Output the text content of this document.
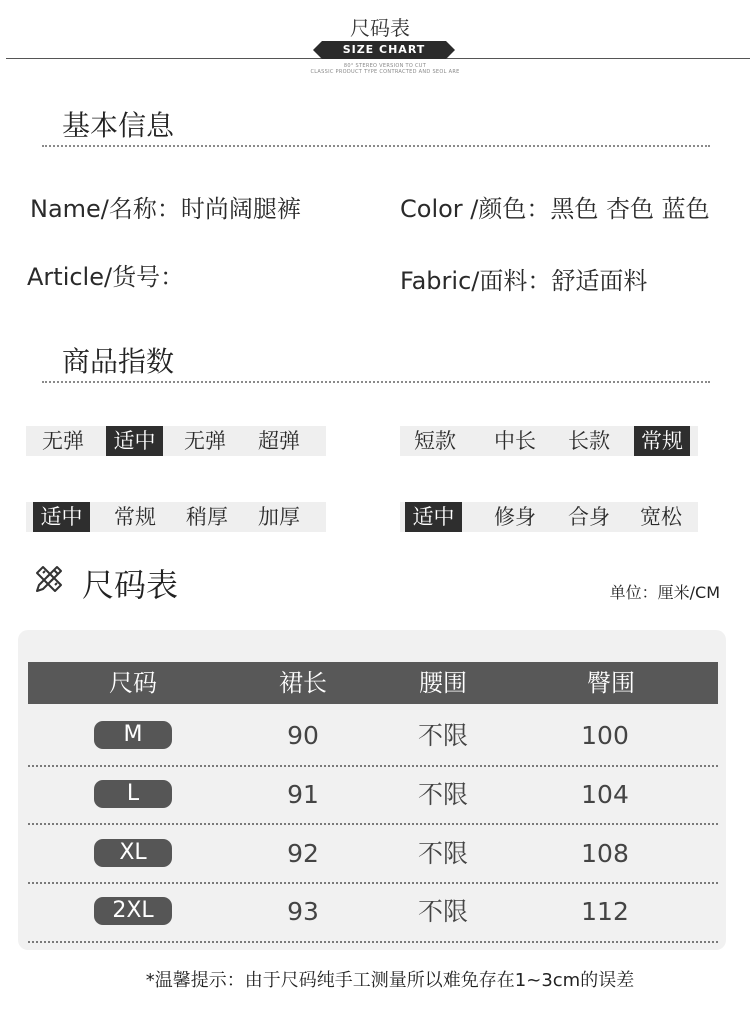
尺码表
SIZE CHART
80° STEREO VERSION TO CUT
CLASSIC PRODUCT TYPE CONTRACTED AND SEOL ARE
基本信息
Name/名称：时尚阔腿裤	Color /颜色：黑色 杏色 蓝色
Article/货号：	Fabric/面料：舒适面料
商品指数
无弹	适中	无弹	超弹	短款	中长	长款	常规
适中	常规	稍厚	加厚	适中	修身	合身	宽松
尺码表	单位：厘米/CM
尺码	裙长	腰围	臀围
M	90	不限	100
L	91	不限	104
XL	92	不限	108
2XL	93	不限	112
*温馨提示：由于尺码纯手工测量所以难免存在1~3cm的误差
